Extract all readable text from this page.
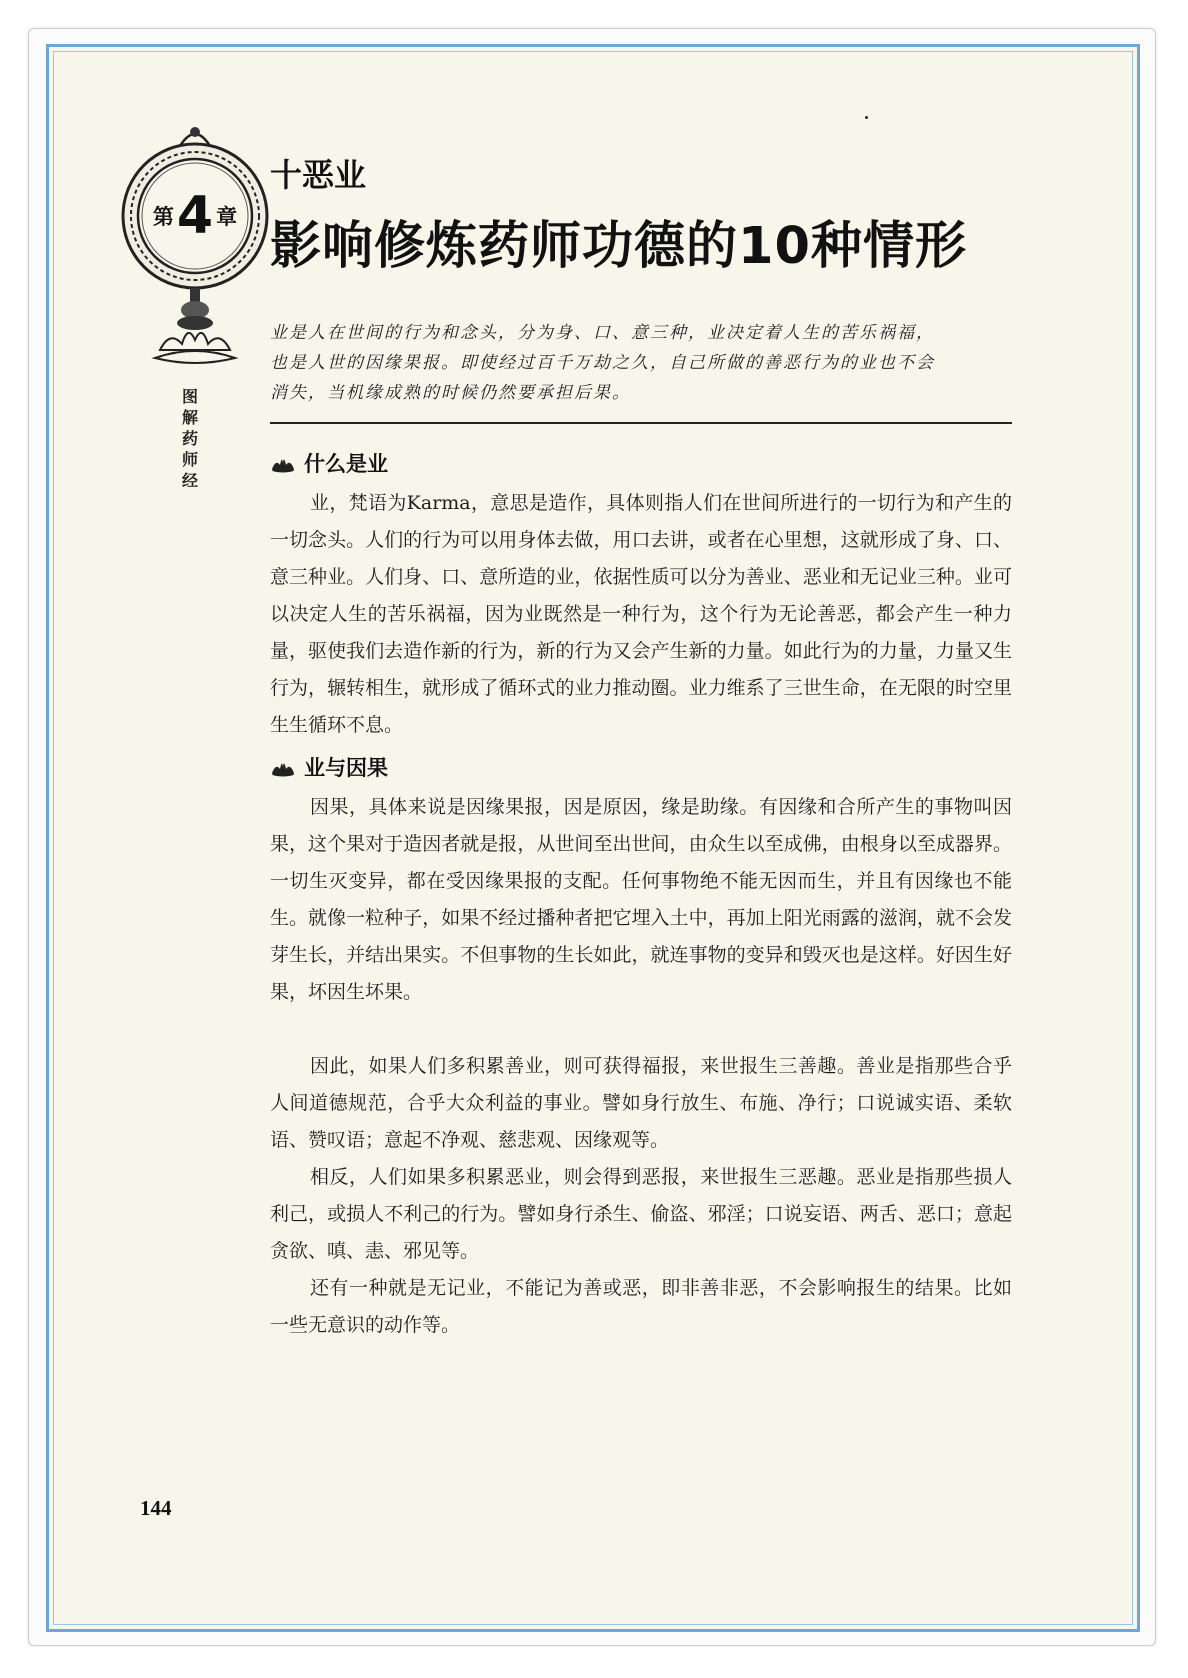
第 4 章
图
解
药
师
经
十恶业
影响修炼药师功德的10种情形
业是人在世间的行为和念头，分为身、口、意三种，业决定着人生的苦乐祸福，
也是人世的因缘果报。即使经过百千万劫之久，自己所做的善恶行为的业也不会
消失，当机缘成熟的时候仍然要承担后果。
什么是业
业，梵语为Karma，意思是造作，具体则指人们在世间所进行的一切行为和产生的一切念头。人们的行为可以用身体去做，用口去讲，或者在心里想，这就形成了身、口、意三种业。人们身、口、意所造的业，依据性质可以分为善业、恶业和无记业三种。业可以决定人生的苦乐祸福，因为业既然是一种行为，这个行为无论善恶，都会产生一种力量，驱使我们去造作新的行为，新的行为又会产生新的力量。如此行为的力量，力量又生行为，辗转相生，就形成了循环式的业力推动圈。业力维系了三世生命，在无限的时空里生生循环不息。
业与因果
因果，具体来说是因缘果报，因是原因，缘是助缘。有因缘和合所产生的事物叫因果，这个果对于造因者就是报，从世间至出世间，由众生以至成佛，由根身以至成器界。一切生灭变异，都在受因缘果报的支配。任何事物绝不能无因而生，并且有因缘也不能生。就像一粒种子，如果不经过播种者把它埋入土中，再加上阳光雨露的滋润，就不会发芽生长，并结出果实。不但事物的生长如此，就连事物的变异和毁灭也是这样。好因生好果，坏因生坏果。
因此，如果人们多积累善业，则可获得福报，来世报生三善趣。善业是指那些合乎人间道德规范，合乎大众利益的事业。譬如身行放生、布施、净行；口说诚实语、柔软语、赞叹语；意起不净观、慈悲观、因缘观等。
相反，人们如果多积累恶业，则会得到恶报，来世报生三恶趣。恶业是指那些损人利己，或损人不利己的行为。譬如身行杀生、偷盗、邪淫；口说妄语、两舌、恶口；意起贪欲、嗔、恚、邪见等。
还有一种就是无记业，不能记为善或恶，即非善非恶，不会影响报生的结果。比如一些无意识的动作等。
144
